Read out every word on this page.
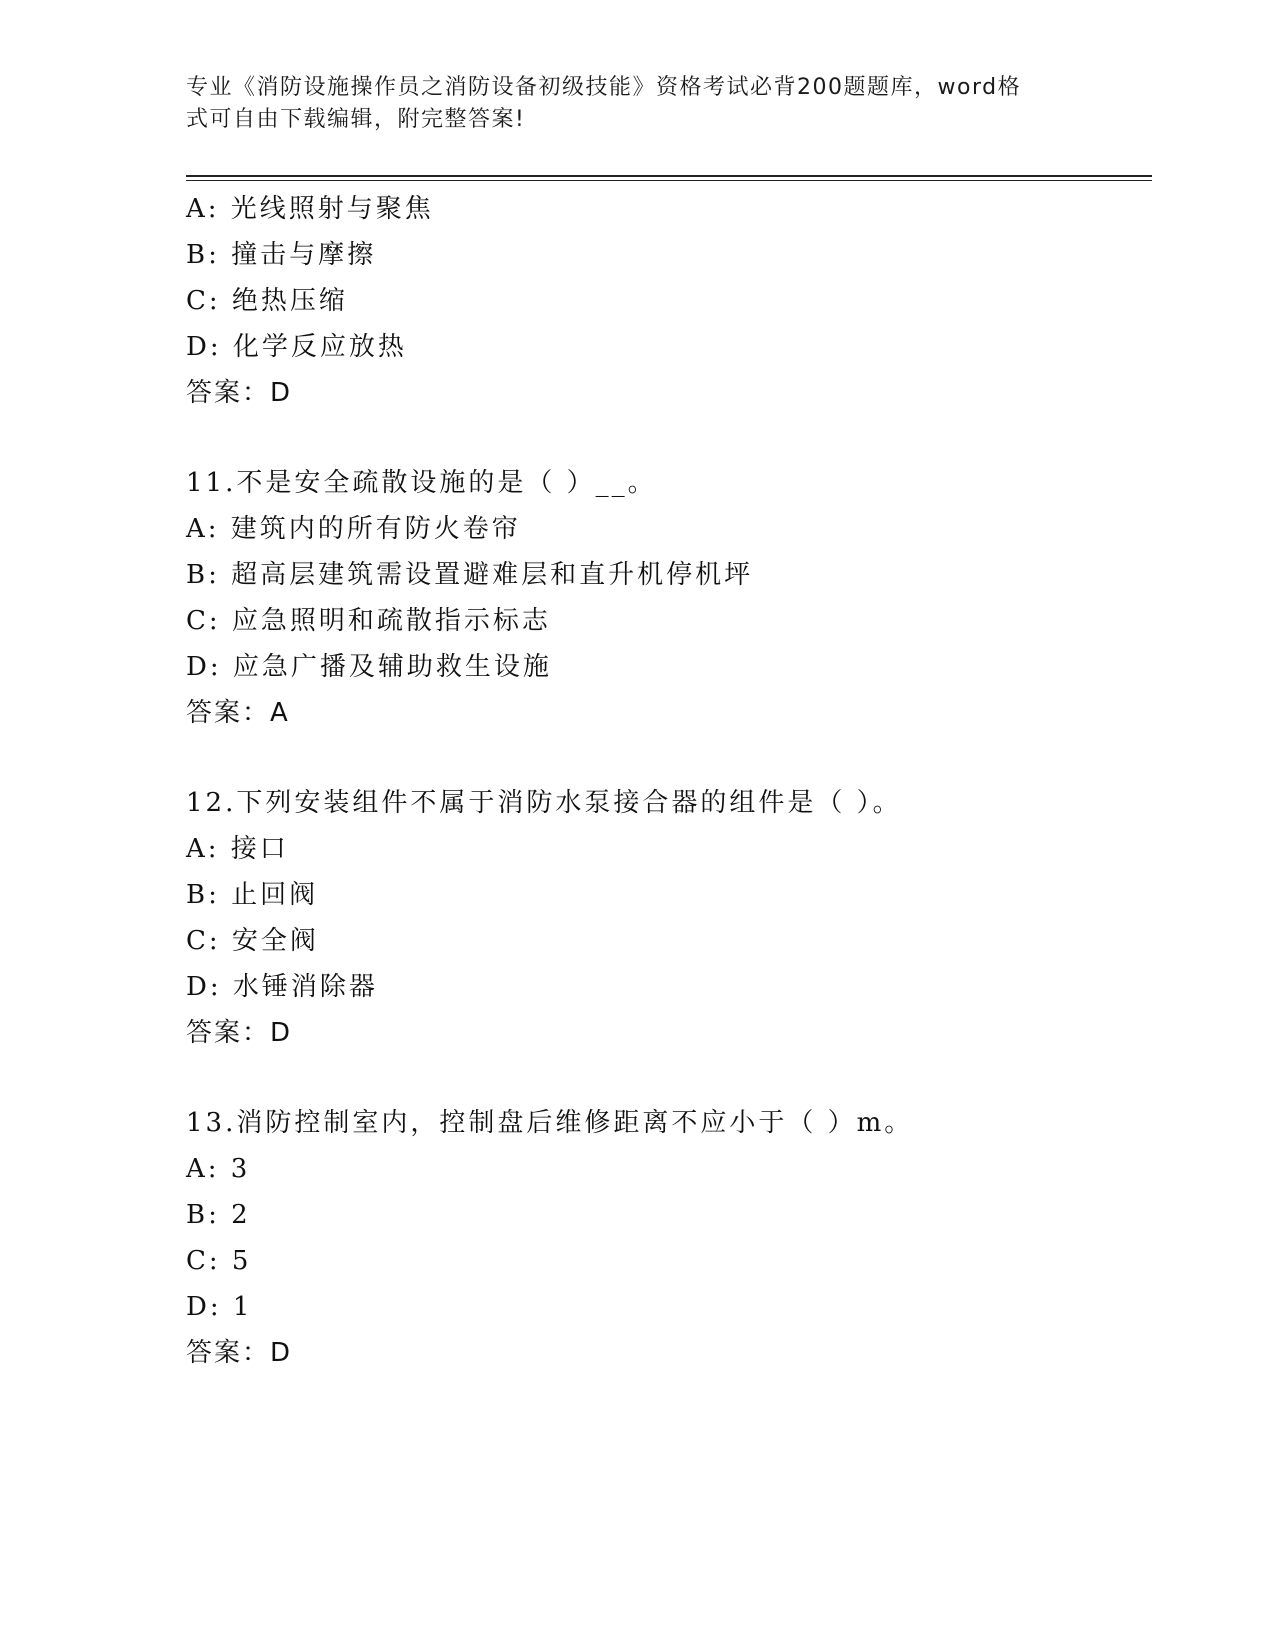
专业《消防设施操作员之消防设备初级技能》资格考试必背200题题库，word格
式可自由下载编辑，附完整答案!
A: 光线照射与聚焦
B: 撞击与摩擦
C: 绝热压缩
D: 化学反应放热
答案：D
11.不是安全疏散设施的是（ ）__。
A: 建筑内的所有防火卷帘
B: 超高层建筑需设置避难层和直升机停机坪
C: 应急照明和疏散指示标志
D: 应急广播及辅助救生设施
答案：A
12.下列安装组件不属于消防水泵接合器的组件是（ ）。
A: 接口
B: 止回阀
C: 安全阀
D: 水锤消除器
答案：D
13.消防控制室内，控制盘后维修距离不应小于（ ）m。
A: 3
B: 2
C: 5
D: 1
答案：D
